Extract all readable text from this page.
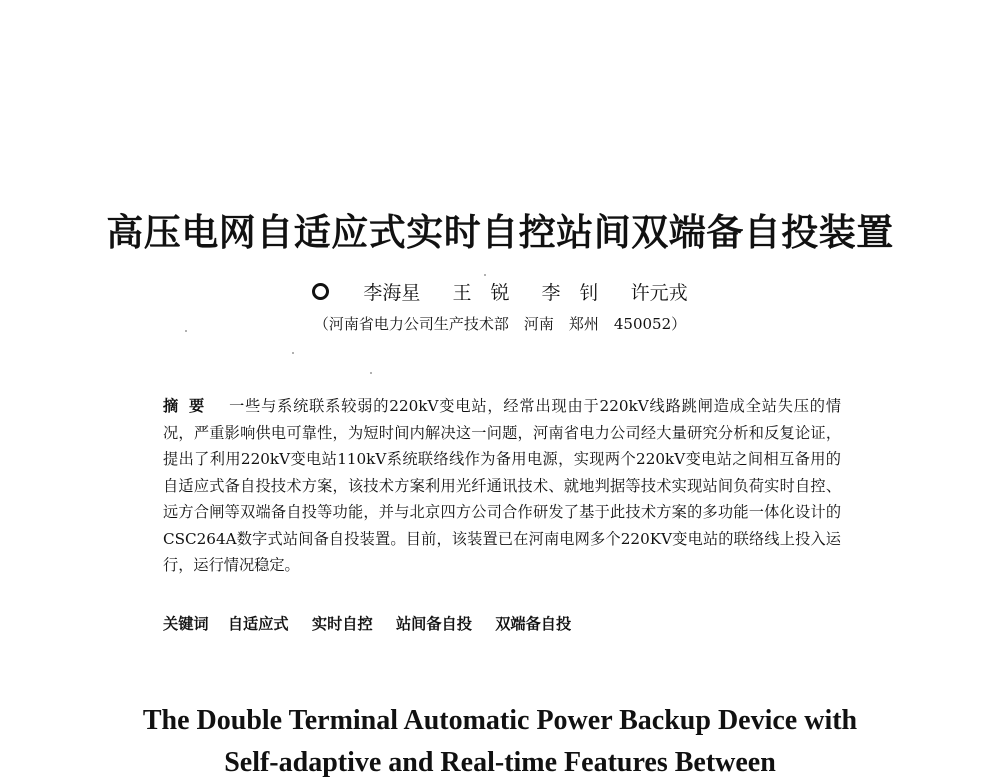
高压电网自适应式实时自控站间双端备自投装置
李海星 王　锐 李　钊 许元戎
（河南省电力公司生产技术部　河南　郑州　450052）
摘要 一些与系统联系较弱的220kV变电站，经常出现由于220kV线路跳闸造成全站失压的情况，严重影响供电可靠性，为短时间内解决这一问题，河南省电力公司经大量研究分析和反复论证，提出了利用220kV变电站110kV系统联络线作为备用电源，实现两个220kV变电站之间相互备用的自适应式备自投技术方案，该技术方案利用光纤通讯技术、就地判据等技术实现站间负荷实时自控、远方合闸等双端备自投等功能，并与北京四方公司合作研发了基于此技术方案的多功能一体化设计的CSC264A数字式站间备自投装置。目前，该装置已在河南电网多个220KV变电站的联络线上投入运行，运行情况稳定。
关键词 自适应式 实时自控 站间备自投 双端备自投
The Double Terminal Automatic Power Backup Device with
Self-adaptive and Real-time Features Between
